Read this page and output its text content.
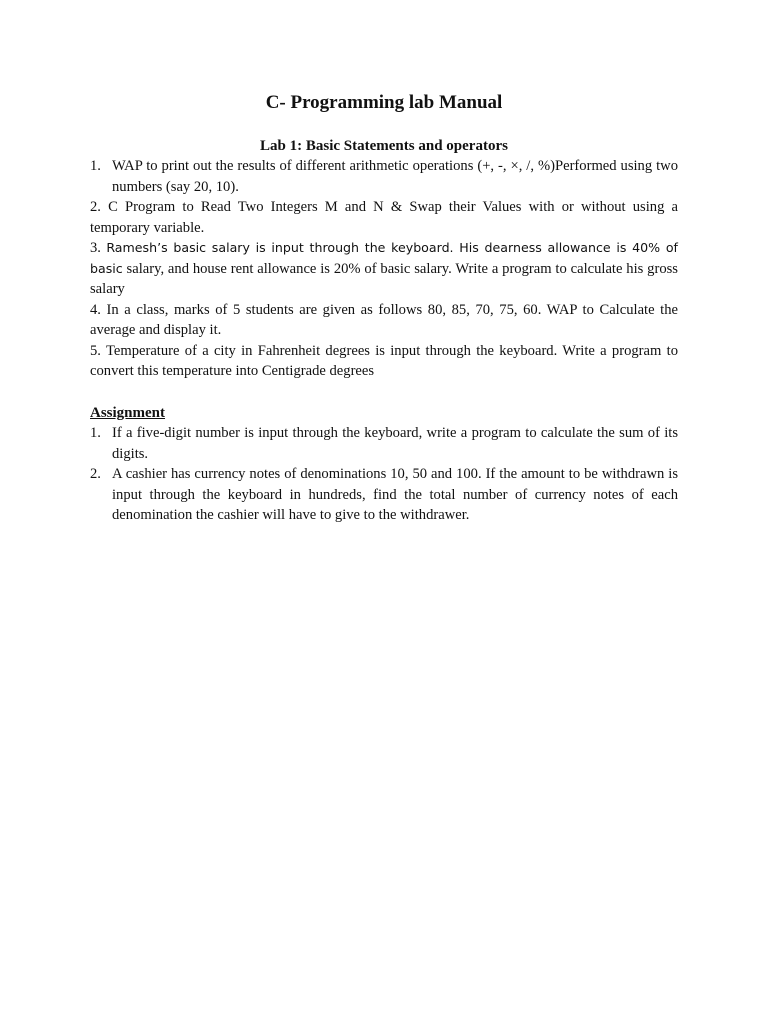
C- Programming lab Manual
Lab 1: Basic Statements and operators
1. WAP to print out the results of different arithmetic operations (+, -, ×, /, %)Performed using two numbers (say 20, 10).
2. C Program to Read Two Integers M and N & Swap their Values with or without using a temporary variable.
3. Ramesh’s basic salary is input through the keyboard. His dearness allowance is 40% of basic salary, and house rent allowance is 20% of basic salary. Write a program to calculate his gross salary
4. In a class, marks of 5 students are given as follows 80, 85, 70, 75, 60. WAP to Calculate the average and display it.
5. Temperature of a city in Fahrenheit degrees is input through the keyboard. Write a program to convert this temperature into Centigrade degrees
Assignment
1. If a five-digit number is input through the keyboard, write a program to calculate the sum of its digits.
2. A cashier has currency notes of denominations 10, 50 and 100. If the amount to be withdrawn is input through the keyboard in hundreds, find the total number of currency notes of each denomination the cashier will have to give to the withdrawer.
